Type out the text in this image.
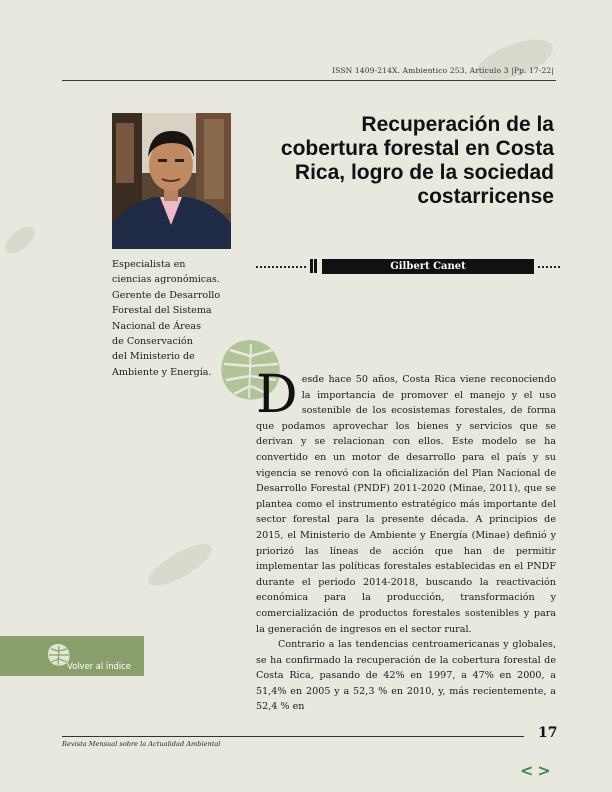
ISSN 1409-214X. Ambientico 253, Artículo 3 |Pp. 17-22|
Recuperación de la
cobertura forestal en Costa
Rica, logro de la sociedad
costarricense
Especialista en
ciencias agronómicas.
Gerente de Desarrollo
Forestal del Sistema
Nacional de Áreas
de Conservación
del Ministerio de
Ambiente y Energía.
Gilbert Canet

Desde hace 50 años, Costa Rica viene reconociendo la importancia de promover el manejo y el uso sostenible de los ecosistemas forestales, de forma que podamos aprovechar los bienes y servicios que se derivan y se relacionan con ellos. Este modelo se ha convertido en un motor de desarrollo para el país y su vigencia se renovó con la oficialización del Plan Nacional de Desarrollo Forestal (PNDF) 2011-2020 (Minae, 2011), que se plantea como el instrumento estratégico más importante del sector forestal para la presente década. A principios de 2015, el Ministerio de Ambiente y Energía (Minae) definió y priorizó las líneas de acción que han de permitir implementar las políticas forestales establecidas en el PNDF durante el periodo 2014-2018, buscando la reactivación económica para la producción, transformación y comercialización de productos forestales sostenibles y para la generación de ingresos en el sector rural.

Contrario a las tendencias centroamericanas y globales, se ha confirmado la recuperación de la cobertura forestal de Costa Rica, pasando de 42% en 1997, a 47% en 2000, a 51,4% en 2005 y a 52,3 % en 2010, y, más recientemente, a 52,4 % en

Volver al índice
17
Revista Mensual sobre la Actualidad Ambiental
<>
